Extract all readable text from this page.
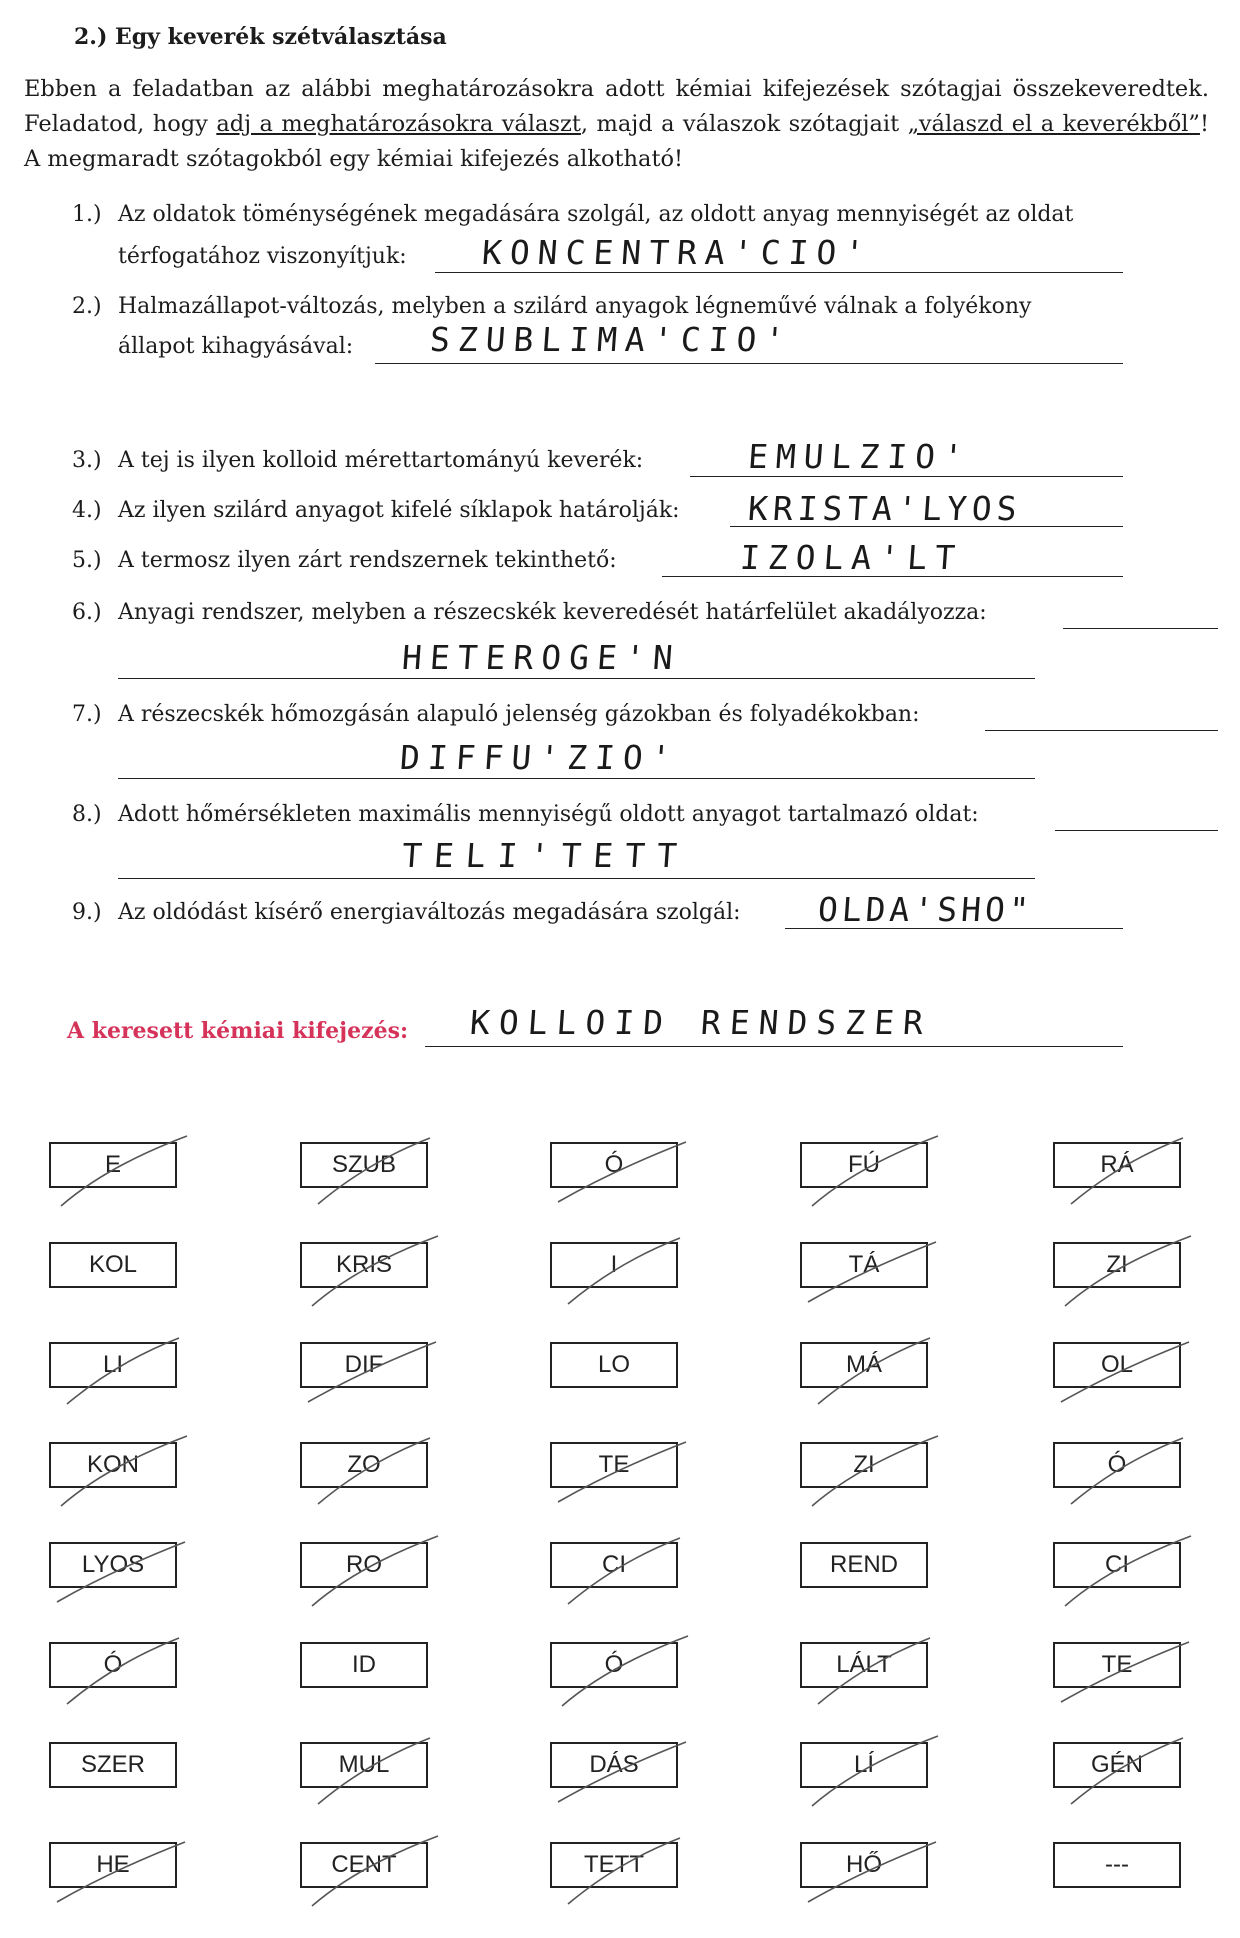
2.) Egy keverék szétválasztása
Ebben a feladatban az alábbi meghatározásokra adott kémiai kifejezések szótagjai összekeveredtek. Feladatod, hogy adj a meghatározásokra választ, majd a válaszok szótagjait „válaszd el a keverékből”! A megmaradt szótagokból egy kémiai kifejezés alkotható!
1.) Az oldatok töménységének megadására szolgál, az oldott anyag mennyiségét az oldat
térfogatához viszonyítjuk: KONCENTRA'CIO'
2.) Halmazállapot-változás, melyben a szilárd anyagok légneművé válnak a folyékony
állapot kihagyásával: SZUBLIMA'CIO'
3.) A tej is ilyen kolloid mérettartományú keverék:	EMULZIO'
4.) Az ilyen szilárd anyagot kifelé síklapok határolják: KRISTA'LYOS
5.) A termosz ilyen zárt rendszernek tekinthető:	IZOLA'LT
6.) Anyagi rendszer, melyben a részecskék keveredését határfelület akadályozza:
HETEROGE'N
7.) A részecskék hőmozgásán alapuló jelenség gázokban és folyadékokban:
DIFFU'ZIO'
8.) Adott hőmérsékleten maximális mennyiségű oldott anyagot tartalmazó oldat:
TELI'TETT
9.) Az oldódást kísérő energiaváltozás megadására szolgál: OLDA'SHO"
A keresett kémiai kifejezés: KOLLOID RENDSZER
E	SZUB	Ó	FÚ	RÁ
KOL	KRIS	I	TÁ	ZI
LI	DIF	LO	MÁ	OL
KON	ZO	TE	ZI	Ó
LYOS	RO	CI	REND	CI
Ó	ID	Ó	LÁLT	TE
SZER	MUL	DÁS	LÍ	GÉN
HE	CENT	TETT	HŐ	---
